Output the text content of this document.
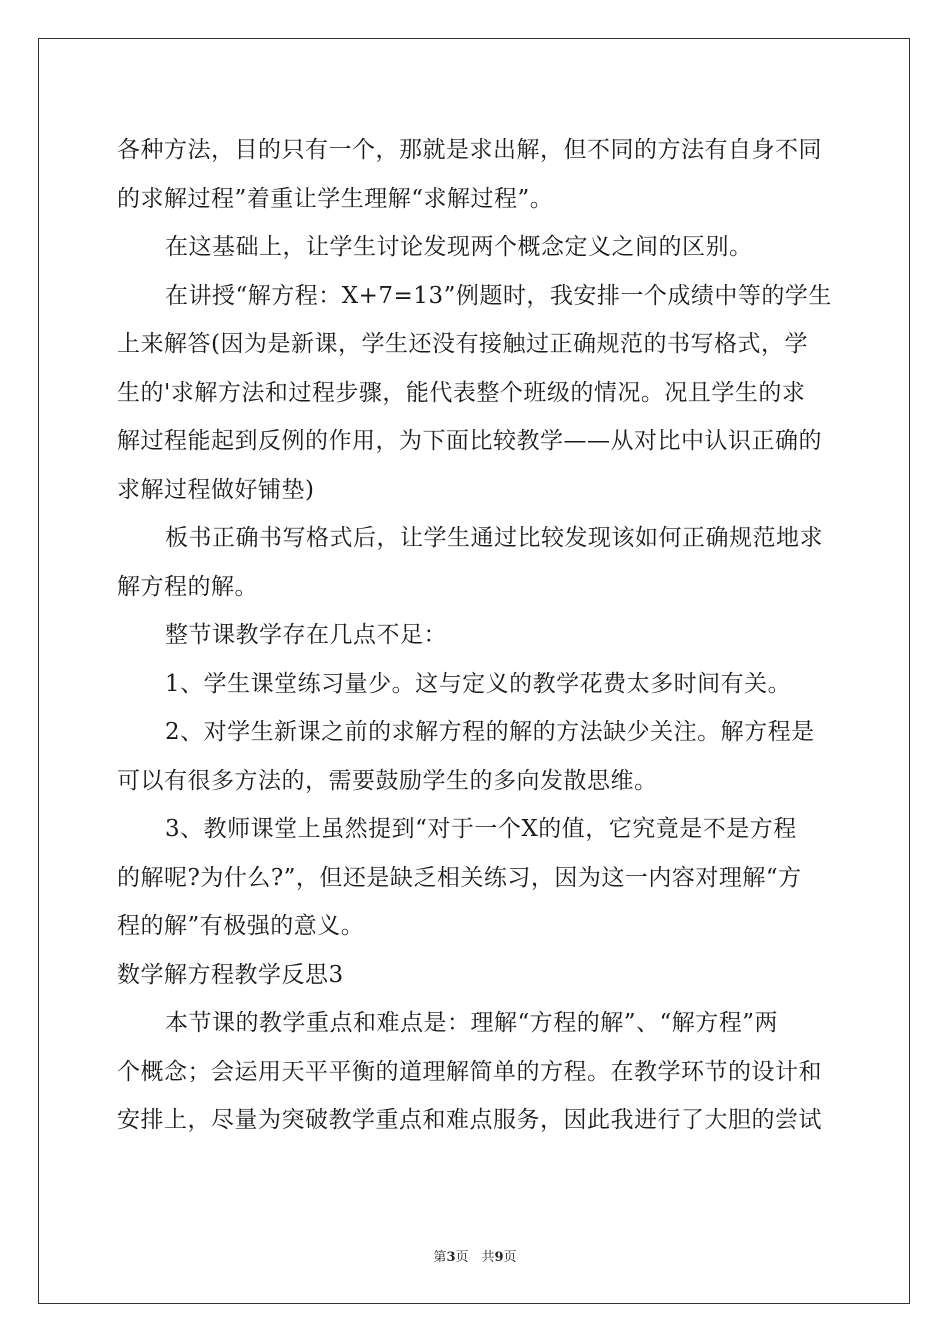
各种方法，目的只有一个，那就是求出解，但不同的方法有自身不同
的求解过程”着重让学生理解“求解过程”。
在这基础上，让学生讨论发现两个概念定义之间的区别。
在讲授“解方程：X+7=13”例题时，我安排一个成绩中等的学生
上来解答(因为是新课，学生还没有接触过正确规范的书写格式，学
生的'求解方法和过程步骤，能代表整个班级的情况。况且学生的求
解过程能起到反例的作用，为下面比较教学——从对比中认识正确的
求解过程做好铺垫)
板书正确书写格式后，让学生通过比较发现该如何正确规范地求
解方程的解。
整节课教学存在几点不足：
1、学生课堂练习量少。这与定义的教学花费太多时间有关。
2、对学生新课之前的求解方程的解的方法缺少关注。解方程是
可以有很多方法的，需要鼓励学生的多向发散思维。
3、教师课堂上虽然提到“对于一个X的值，它究竟是不是方程
的解呢?为什么?”，但还是缺乏相关练习，因为这一内容对理解“方
程的解”有极强的意义。
数学解方程教学反思3
本节课的教学重点和难点是：理解“方程的解”、“解方程”两
个概念；会运用天平平衡的道理解简单的方程。在教学环节的设计和
安排上，尽量为突破教学重点和难点服务，因此我进行了大胆的尝试
第3页　共9页
